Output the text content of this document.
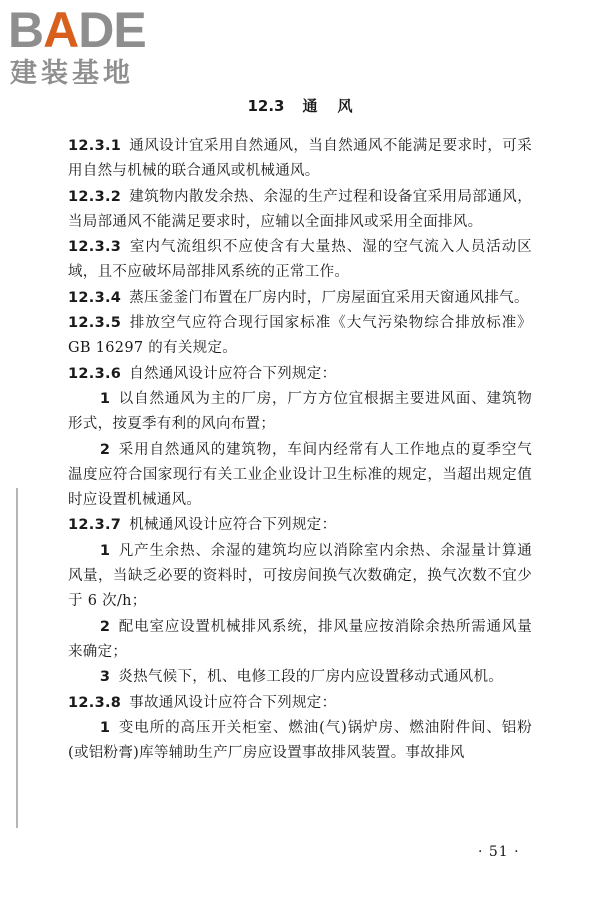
BADE
建装基地
12.3 通 风

12.3.1 通风设计宜采用自然通风，当自然通风不能满足要求时，可采用自然与机械的联合通风或机械通风。

12.3.2 建筑物内散发余热、余湿的生产过程和设备宜采用局部通风，当局部通风不能满足要求时，应辅以全面排风或采用全面排风。

12.3.3 室内气流组织不应使含有大量热、湿的空气流入人员活动区域，且不应破坏局部排风系统的正常工作。

12.3.4 蒸压釜釜门布置在厂房内时，厂房屋面宜采用天窗通风排气。

12.3.5 排放空气应符合现行国家标准《大气污染物综合排放标准》GB 16297 的有关规定。

12.3.6 自然通风设计应符合下列规定：

1 以自然通风为主的厂房，厂方方位宜根据主要进风面、建筑物形式，按夏季有利的风向布置；

2 采用自然通风的建筑物，车间内经常有人工作地点的夏季空气温度应符合国家现行有关工业企业设计卫生标准的规定，当超出规定值时应设置机械通风。

12.3.7 机械通风设计应符合下列规定：

1 凡产生余热、余湿的建筑均应以消除室内余热、余湿量计算通风量，当缺乏必要的资料时，可按房间换气次数确定，换气次数不宜少于 6 次/h；

2 配电室应设置机械排风系统，排风量应按消除余热所需通风量来确定；

3 炎热气候下，机、电修工段的厂房内应设置移动式通风机。

12.3.8 事故通风设计应符合下列规定：

1 变电所的高压开关柜室、燃油(气)锅炉房、燃油附件间、铝粉(或铝粉膏)库等辅助生产厂房应设置事故排风装置。事故排风

· 51 ·
